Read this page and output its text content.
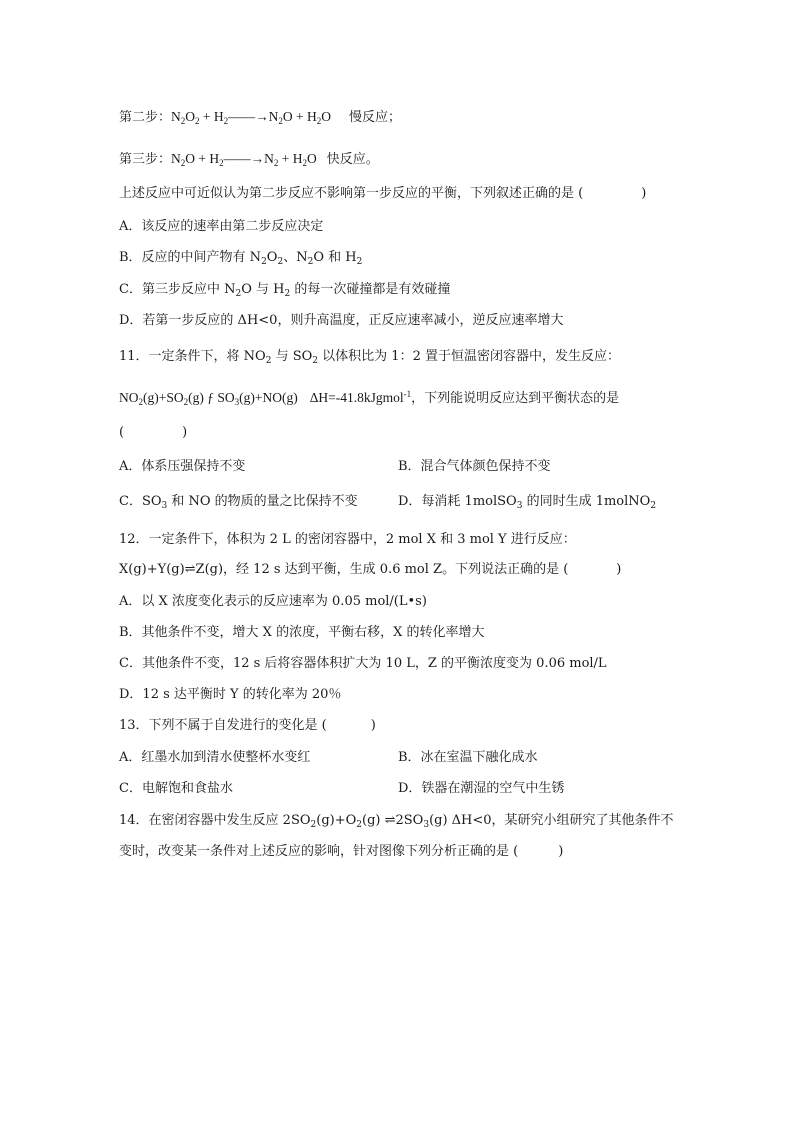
第二步：$N_2O_2$ + $H_2——\to N_2O + H_2O$ 慢反应；
第三步：$N_2O$ + $H_2——\to N_2 + H_2O$ 快反应。
上述反应中可近似认为第二步反应不影响第一步反应的平衡，下列叙述正确的是 (	)
A．该反应的速率由第二步反应决定
B．反应的中间产物有 $N_2O_2$、$N_2O$ 和 $H_2$
C．第三步反应中 $N_2O$ 与 $H_2$ 的每一次碰撞都是有效碰撞
D．若第一步反应的 ΔH<0，则升高温度，正反应速率减小，逆反应速率增大
11．一定条件下，将 $NO_2$ 与 $SO_2$ 以体积比为 1：2 置于恒温密闭容器中，发生反应：
$NO_2(g)+SO_2(g)$ ƒ $SO_3(g)+NO(g)$ ΔH=-41.8kJgmol$^{-1}$，下列能说明反应达到平衡状态的是
(	)
A．体系压强保持不变	B．混合气体颜色保持不变
C．$SO_3$ 和 NO 的物质的量之比保持不变	D．每消耗 1molSO$_3$ 的同时生成 1molNO$_2$
12．一定条件下，体积为 2 L 的密闭容器中，2 mol X 和 3 mol Y 进行反应：
X(g)+Y(g)⇌Z(g)，经 12 s 达到平衡，生成 0.6 mol Z。下列说法正确的是 (	)
A．以 X 浓度变化表示的反应速率为 0.05 mol/(L•s)
B．其他条件不变，增大 X 的浓度，平衡右移，X 的转化率增大
C．其他条件不变，12 s 后将容器体积扩大为 10 L，Z 的平衡浓度变为 0.06 mol/L
D．12 s 达平衡时 Y 的转化率为 20％
13．下列不属于自发进行的变化是 (	)
A．红墨水加到清水使整杯水变红	B．冰在室温下融化成水
C．电解饱和食盐水	D．铁器在潮湿的空气中生锈
14．在密闭容器中发生反应 $2SO_2(g)+O_2(g)$ $\rightleftharpoons 2SO_3(g)$ ΔH<0，某研究小组研究了其他条件不
变时，改变某一条件对上述反应的影响，针对图像下列分析正确的是 (	)
